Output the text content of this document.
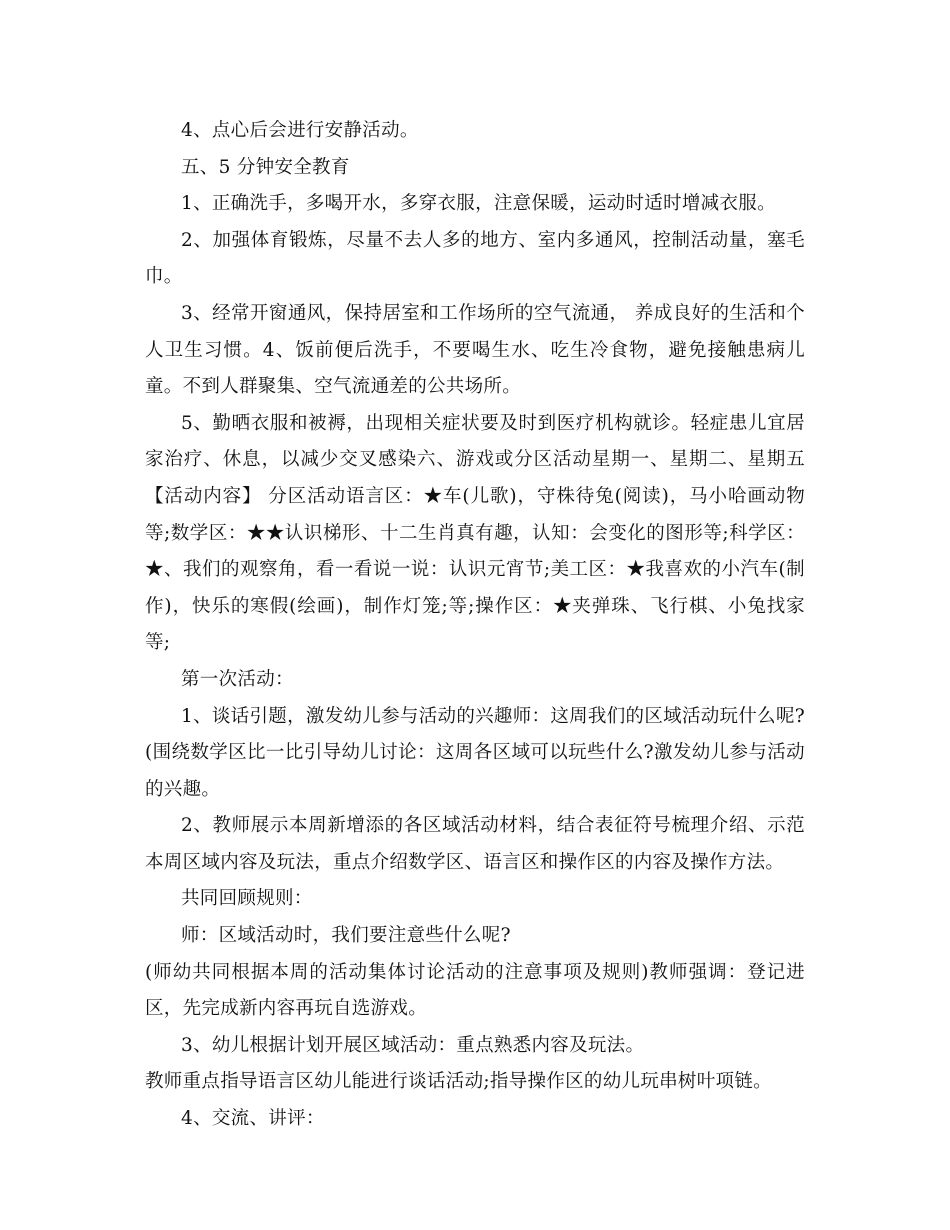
4、点心后会进行安静活动。

五、5 分钟安全教育

1、正确洗手，多喝开水，多穿衣服，注意保暖，运动时适时增减衣服。

2、加强体育锻炼，尽量不去人多的地方、室内多通风，控制活动量，塞毛巾。

3、经常开窗通风，保持居室和工作场所的空气流通， 养成良好的生活和个人卫生习惯。4、饭前便后洗手，不要喝生水、吃生冷食物，避免接触患病儿童。不到人群聚集、空气流通差的公共场所。

5、勤晒衣服和被褥，出现相关症状要及时到医疗机构就诊。轻症患儿宜居家治疗、休息，以减少交叉感染六、游戏或分区活动星期一、星期二、星期五【活动内容】 分区活动语言区：★车(儿歌)，守株待兔(阅读)，马小哈画动物等;数学区：★★认识梯形、十二生肖真有趣，认知：会变化的图形等;科学区：★、我们的观察角，看一看说一说：认识元宵节;美工区：★我喜欢的小汽车(制作)，快乐的寒假(绘画)，制作灯笼;等;操作区：★夹弹珠、飞行棋、小兔找家等;

第一次活动：

1、谈话引题，激发幼儿参与活动的兴趣师：这周我们的区域活动玩什么呢?(围绕数学区比一比引导幼儿讨论：这周各区域可以玩些什么?激发幼儿参与活动的兴趣。

2、教师展示本周新增添的各区域活动材料，结合表征符号梳理介绍、示范本周区域内容及玩法，重点介绍数学区、语言区和操作区的内容及操作方法。

共同回顾规则：

师：区域活动时，我们要注意些什么呢?

(师幼共同根据本周的活动集体讨论活动的注意事项及规则)教师强调：登记进区，先完成新内容再玩自选游戏。

3、幼儿根据计划开展区域活动：重点熟悉内容及玩法。

教师重点指导语言区幼儿能进行谈话活动;指导操作区的幼儿玩串树叶项链。

4、交流、讲评：
